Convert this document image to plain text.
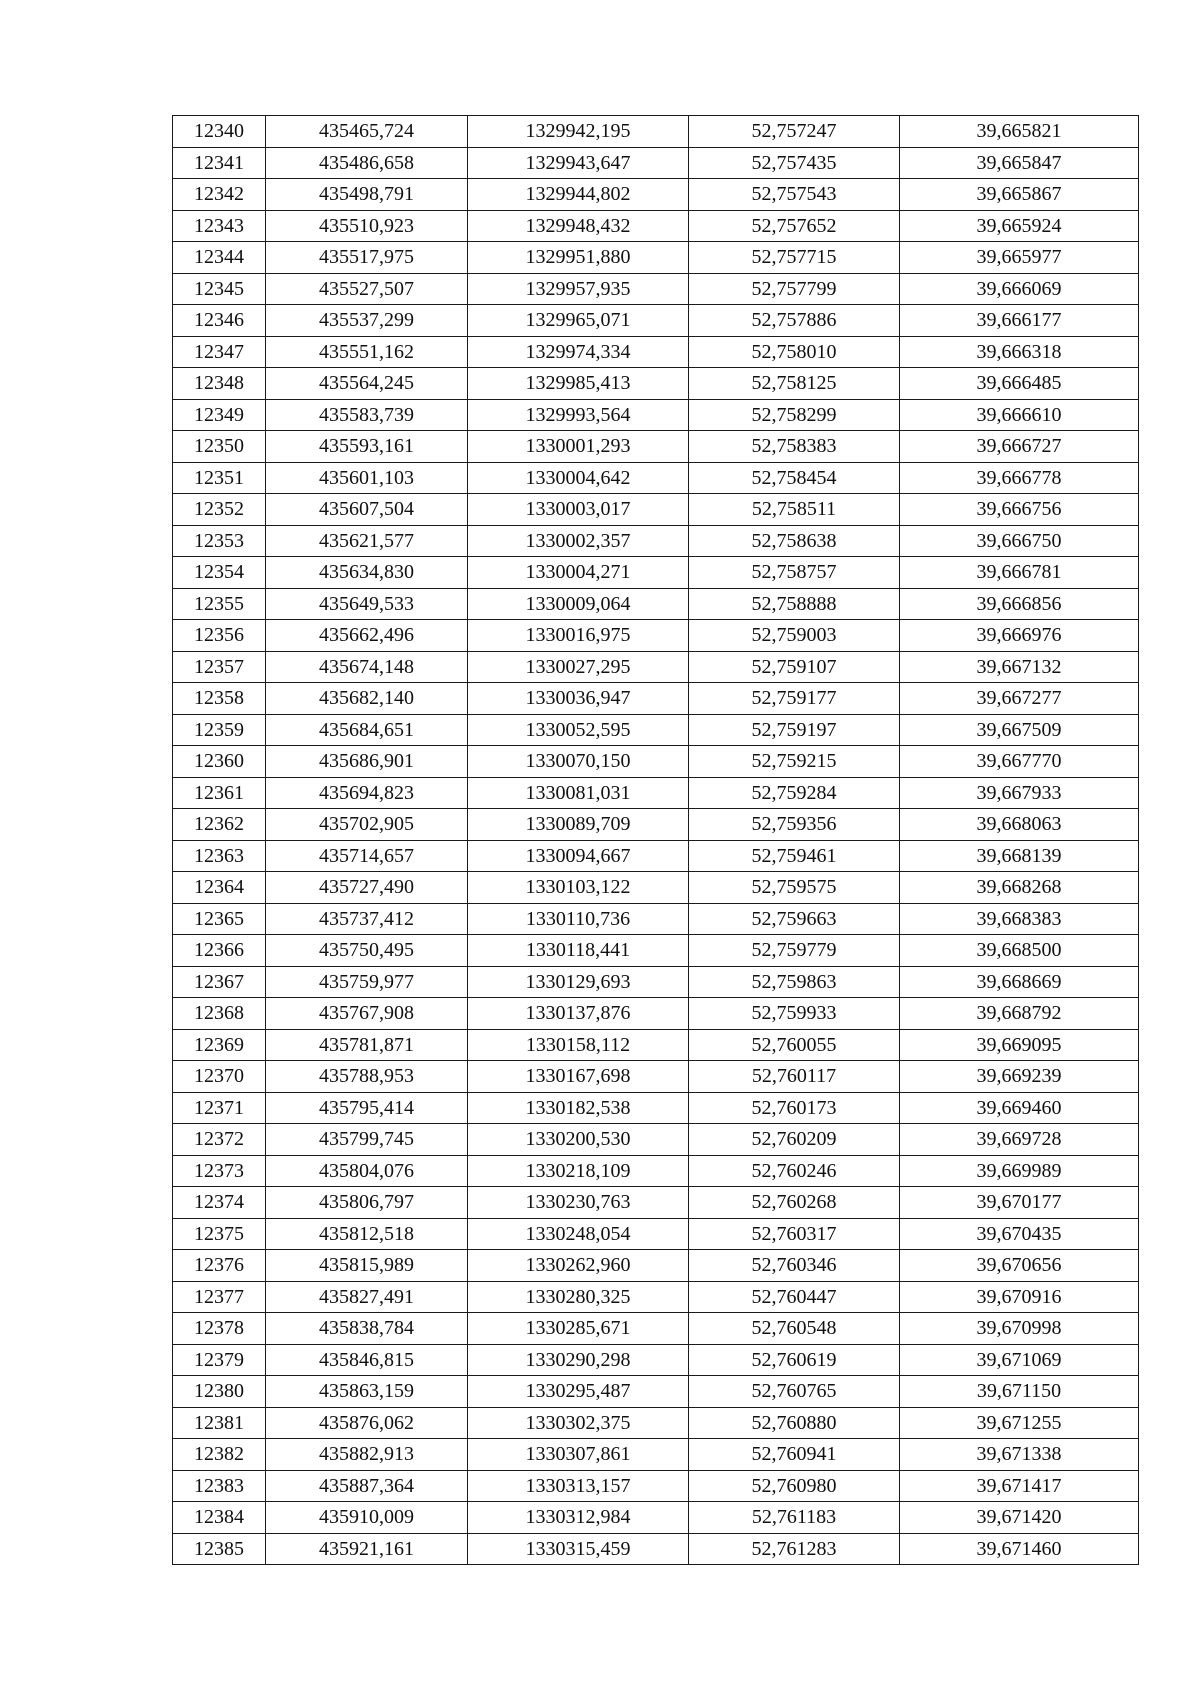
12340	435465,724	1329942,195	52,757247	39,665821
12341	435486,658	1329943,647	52,757435	39,665847
12342	435498,791	1329944,802	52,757543	39,665867
12343	435510,923	1329948,432	52,757652	39,665924
12344	435517,975	1329951,880	52,757715	39,665977
12345	435527,507	1329957,935	52,757799	39,666069
12346	435537,299	1329965,071	52,757886	39,666177
12347	435551,162	1329974,334	52,758010	39,666318
12348	435564,245	1329985,413	52,758125	39,666485
12349	435583,739	1329993,564	52,758299	39,666610
12350	435593,161	1330001,293	52,758383	39,666727
12351	435601,103	1330004,642	52,758454	39,666778
12352	435607,504	1330003,017	52,758511	39,666756
12353	435621,577	1330002,357	52,758638	39,666750
12354	435634,830	1330004,271	52,758757	39,666781
12355	435649,533	1330009,064	52,758888	39,666856
12356	435662,496	1330016,975	52,759003	39,666976
12357	435674,148	1330027,295	52,759107	39,667132
12358	435682,140	1330036,947	52,759177	39,667277
12359	435684,651	1330052,595	52,759197	39,667509
12360	435686,901	1330070,150	52,759215	39,667770
12361	435694,823	1330081,031	52,759284	39,667933
12362	435702,905	1330089,709	52,759356	39,668063
12363	435714,657	1330094,667	52,759461	39,668139
12364	435727,490	1330103,122	52,759575	39,668268
12365	435737,412	1330110,736	52,759663	39,668383
12366	435750,495	1330118,441	52,759779	39,668500
12367	435759,977	1330129,693	52,759863	39,668669
12368	435767,908	1330137,876	52,759933	39,668792
12369	435781,871	1330158,112	52,760055	39,669095
12370	435788,953	1330167,698	52,760117	39,669239
12371	435795,414	1330182,538	52,760173	39,669460
12372	435799,745	1330200,530	52,760209	39,669728
12373	435804,076	1330218,109	52,760246	39,669989
12374	435806,797	1330230,763	52,760268	39,670177
12375	435812,518	1330248,054	52,760317	39,670435
12376	435815,989	1330262,960	52,760346	39,670656
12377	435827,491	1330280,325	52,760447	39,670916
12378	435838,784	1330285,671	52,760548	39,670998
12379	435846,815	1330290,298	52,760619	39,671069
12380	435863,159	1330295,487	52,760765	39,671150
12381	435876,062	1330302,375	52,760880	39,671255
12382	435882,913	1330307,861	52,760941	39,671338
12383	435887,364	1330313,157	52,760980	39,671417
12384	435910,009	1330312,984	52,761183	39,671420
12385	435921,161	1330315,459	52,761283	39,671460
